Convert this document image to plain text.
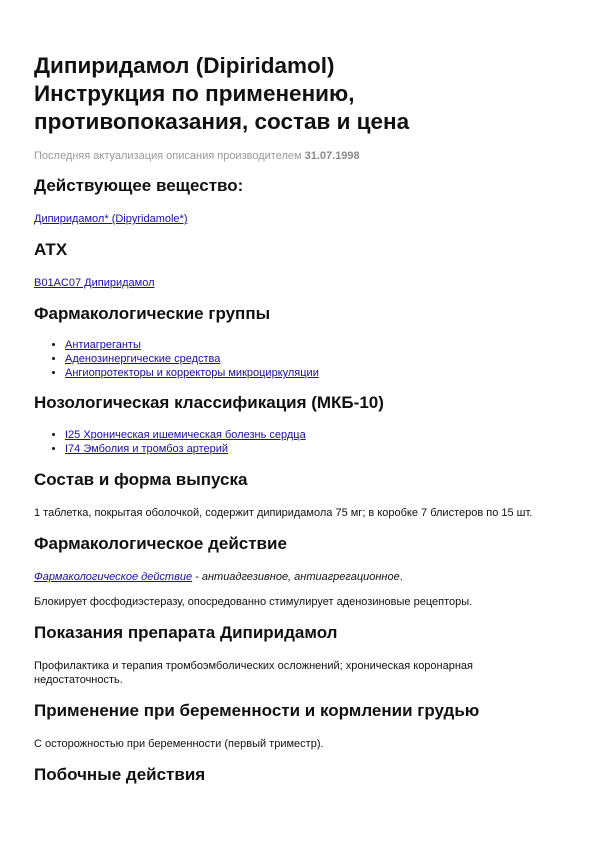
Дипиридамол (Dipiridamol)
Инструкция по применению,
противопоказания, состав и цена
Последняя актуализация описания производителем 31.07.1998
Действующее вещество:

Дипиридамол* (Dipyridamole*)

АТХ

B01AC07 Дипиридамол

Фармакологические группы
• Антиагреганты
• Аденозинергические средства
• Ангиопротекторы и корректоры микроциркуляции
Нозологическая классификация (МКБ-10)
• I25 Хроническая ишемическая болезнь сердца
• I74 Эмболия и тромбоз артерий
Состав и форма выпуска

1 таблетка, покрытая оболочкой, содержит дипиридамола 75 мг; в коробке 7 блистеров по 15 шт.

Фармакологическое действие

Фармакологическое действие - антиадгезивное, антиагрегационное.

Блокирует фосфодиэстеразу, опосредованно стимулирует аденозиновые рецепторы.

Показания препарата Дипиридамол

Профилактика и терапия тромбоэмболических осложнений; хроническая коронарная недостаточность.

Применение при беременности и кормлении грудью

С осторожностью при беременности (первый триместр).

Побочные действия
